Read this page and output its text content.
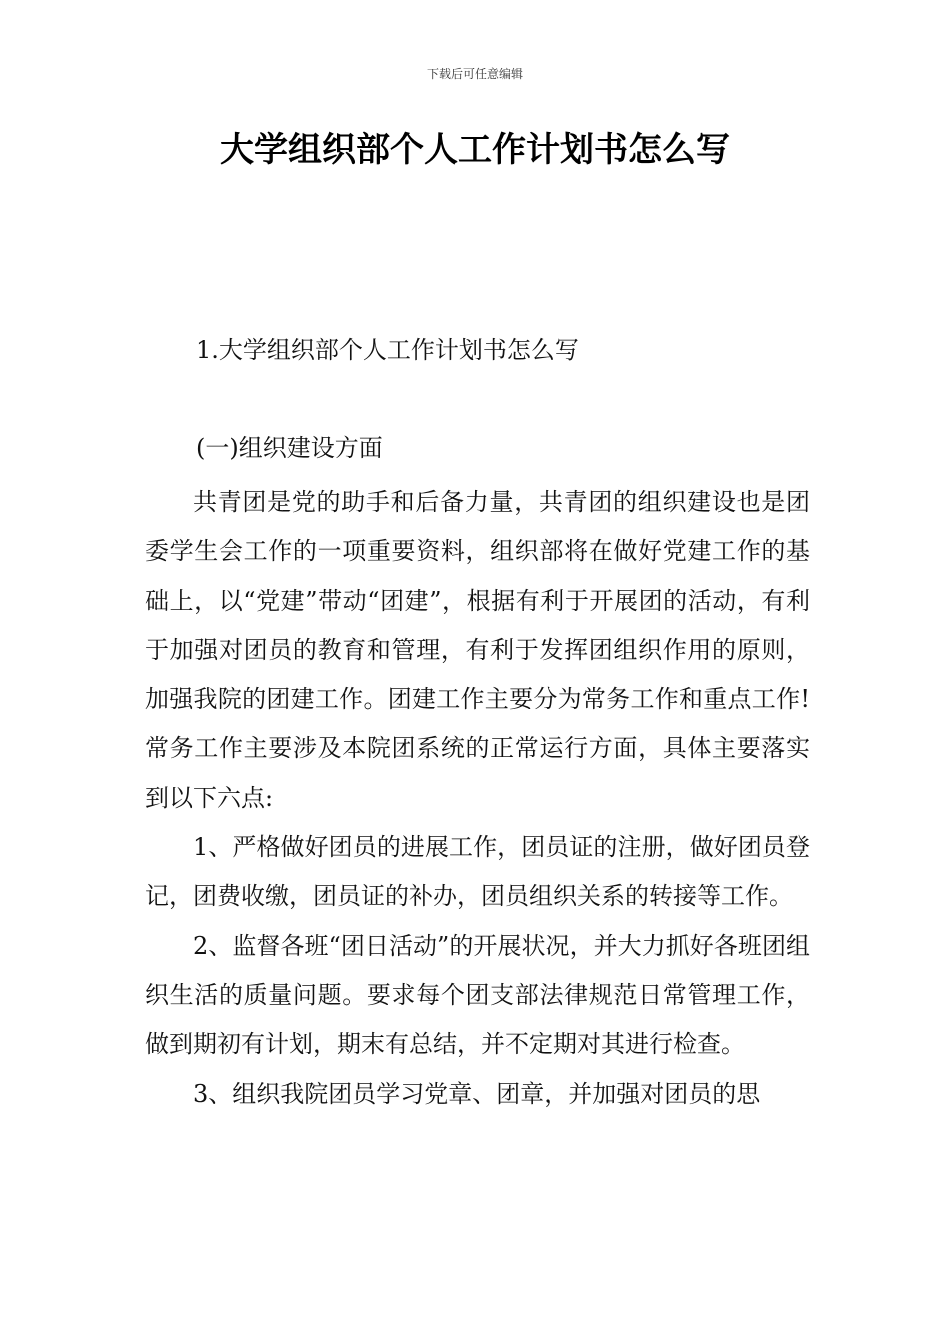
下载后可任意编辑
大学组织部个人工作计划书怎么写
1.大学组织部个人工作计划书怎么写
(一)组织建设方面

共青团是党的助手和后备力量，共青团的组织建设也是团委学生会工作的一项重要资料，组织部将在做好党建工作的基础上，以“党建”带动“团建”，根据有利于开展团的活动，有利于加强对团员的教育和管理，有利于发挥团组织作用的原则，加强我院的团建工作。团建工作主要分为常务工作和重点工作!常务工作主要涉及本院团系统的正常运行方面，具体主要落实到以下六点:

1、严格做好团员的进展工作，团员证的注册，做好团员登记，团费收缴，团员证的补办，团员组织关系的转接等工作。

2、监督各班“团日活动”的开展状况，并大力抓好各班团组织生活的质量问题。要求每个团支部法律规范日常管理工作，做到期初有计划，期末有总结，并不定期对其进行检查。

3、组织我院团员学习党章、团章，并加强对团员的思
